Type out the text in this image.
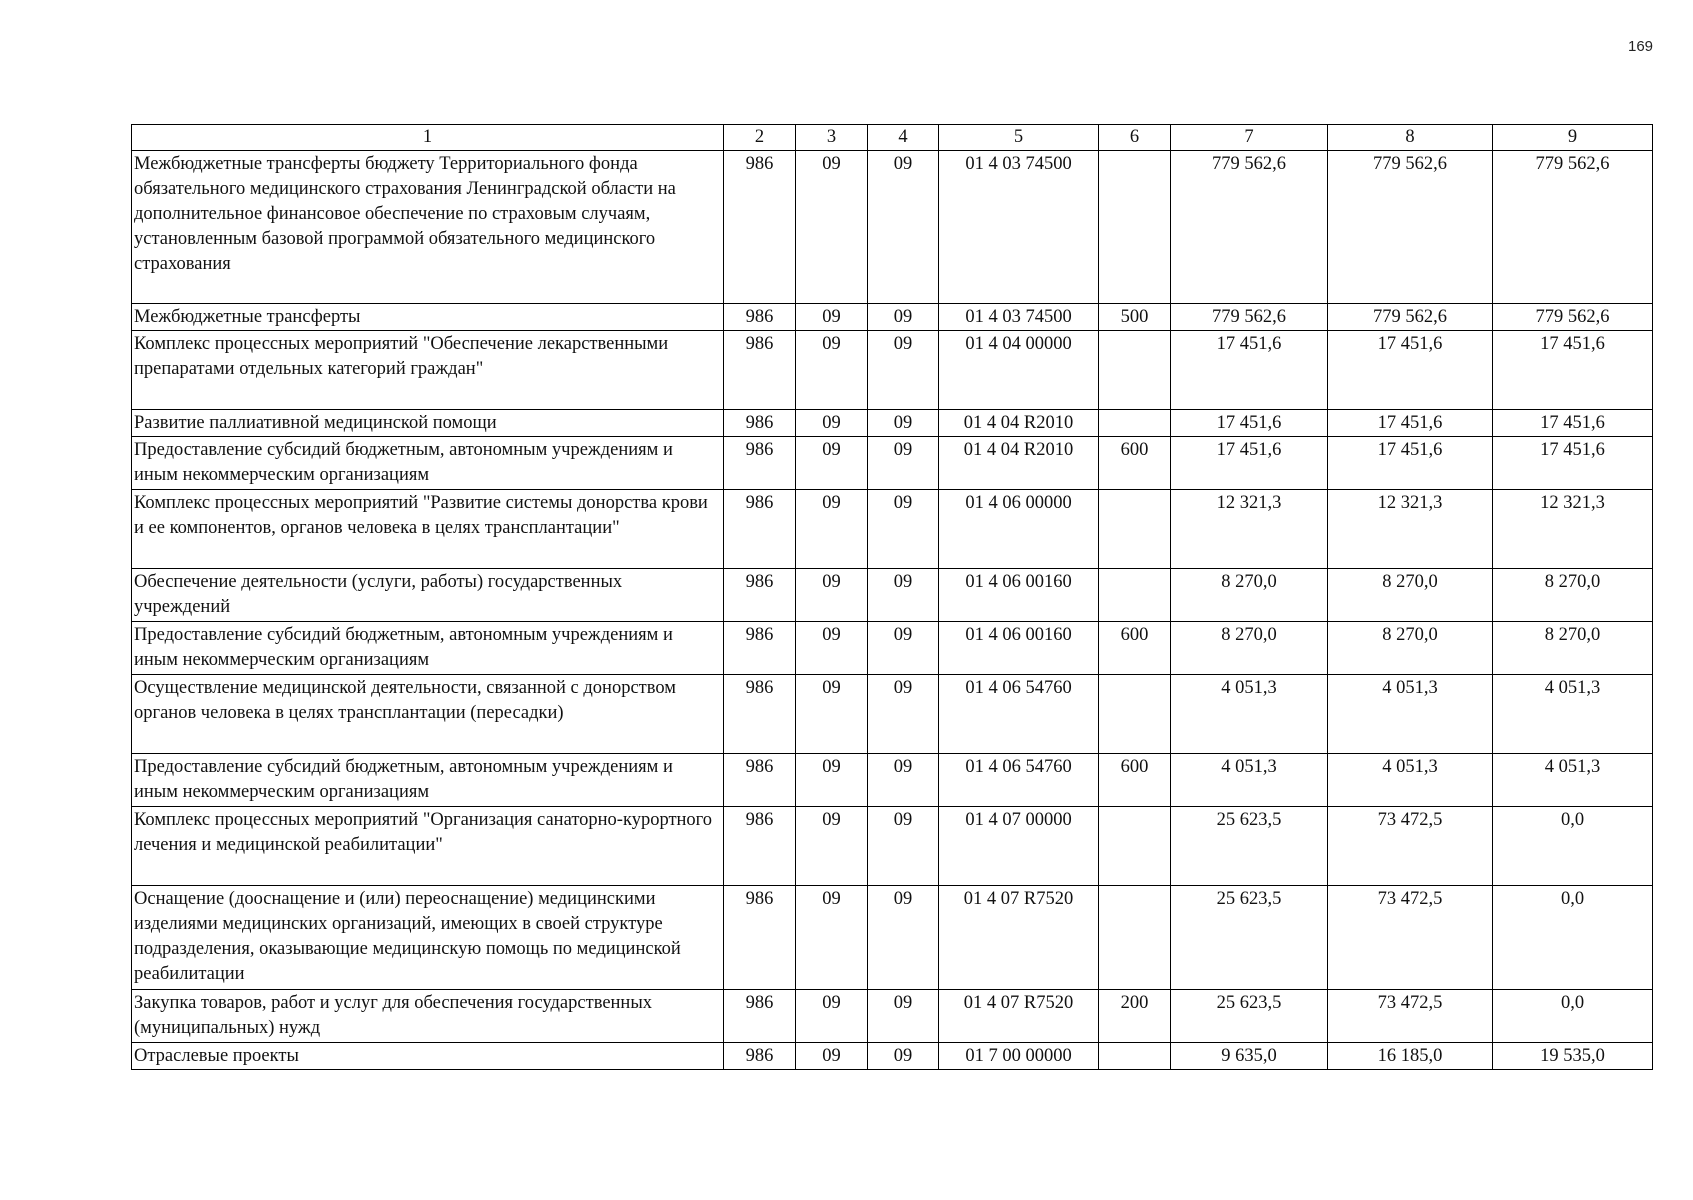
169
1	2	3	4	5	6	7	8	9
Межбюджетные трансферты бюджету Территориального фонда обязательного медицинского страхования Ленинградской области на дополнительное финансовое обеспечение по страховым случаям, установленным базовой программой обязательного медицинского страхования	986	09	09	01 4 03 74500		779 562,6	779 562,6	779 562,6
Межбюджетные трансферты	986	09	09	01 4 03 74500	500	779 562,6	779 562,6	779 562,6
Комплекс процессных мероприятий "Обеспечение лекарственными препаратами отдельных категорий граждан"	986	09	09	01 4 04 00000		17 451,6	17 451,6	17 451,6
Развитие паллиативной медицинской помощи	986	09	09	01 4 04 R2010		17 451,6	17 451,6	17 451,6
Предоставление субсидий бюджетным, автономным учреждениям и иным некоммерческим организациям	986	09	09	01 4 04 R2010	600	17 451,6	17 451,6	17 451,6
Комплекс процессных мероприятий "Развитие системы донорства крови и ее компонентов, органов человека в целях трансплантации"	986	09	09	01 4 06 00000		12 321,3	12 321,3	12 321,3
Обеспечение деятельности (услуги, работы) государственных учреждений	986	09	09	01 4 06 00160		8 270,0	8 270,0	8 270,0
Предоставление субсидий бюджетным, автономным учреждениям и иным некоммерческим организациям	986	09	09	01 4 06 00160	600	8 270,0	8 270,0	8 270,0
Осуществление медицинской деятельности, связанной с донорством органов человека в целях трансплантации (пересадки)	986	09	09	01 4 06 54760		4 051,3	4 051,3	4 051,3
Предоставление субсидий бюджетным, автономным учреждениям и иным некоммерческим организациям	986	09	09	01 4 06 54760	600	4 051,3	4 051,3	4 051,3
Комплекс процессных мероприятий "Организация санаторно-курортного лечения и медицинской реабилитации"	986	09	09	01 4 07 00000		25 623,5	73 472,5	0,0
Оснащение (дооснащение и (или) переоснащение) медицинскими изделиями медицинских организаций, имеющих в своей структуре подразделения, оказывающие медицинскую помощь по медицинской реабилитации	986	09	09	01 4 07 R7520		25 623,5	73 472,5	0,0
Закупка товаров, работ и услуг для обеспечения государственных (муниципальных) нужд	986	09	09	01 4 07 R7520	200	25 623,5	73 472,5	0,0
Отраслевые проекты	986	09	09	01 7 00 00000		9 635,0	16 185,0	19 535,0
